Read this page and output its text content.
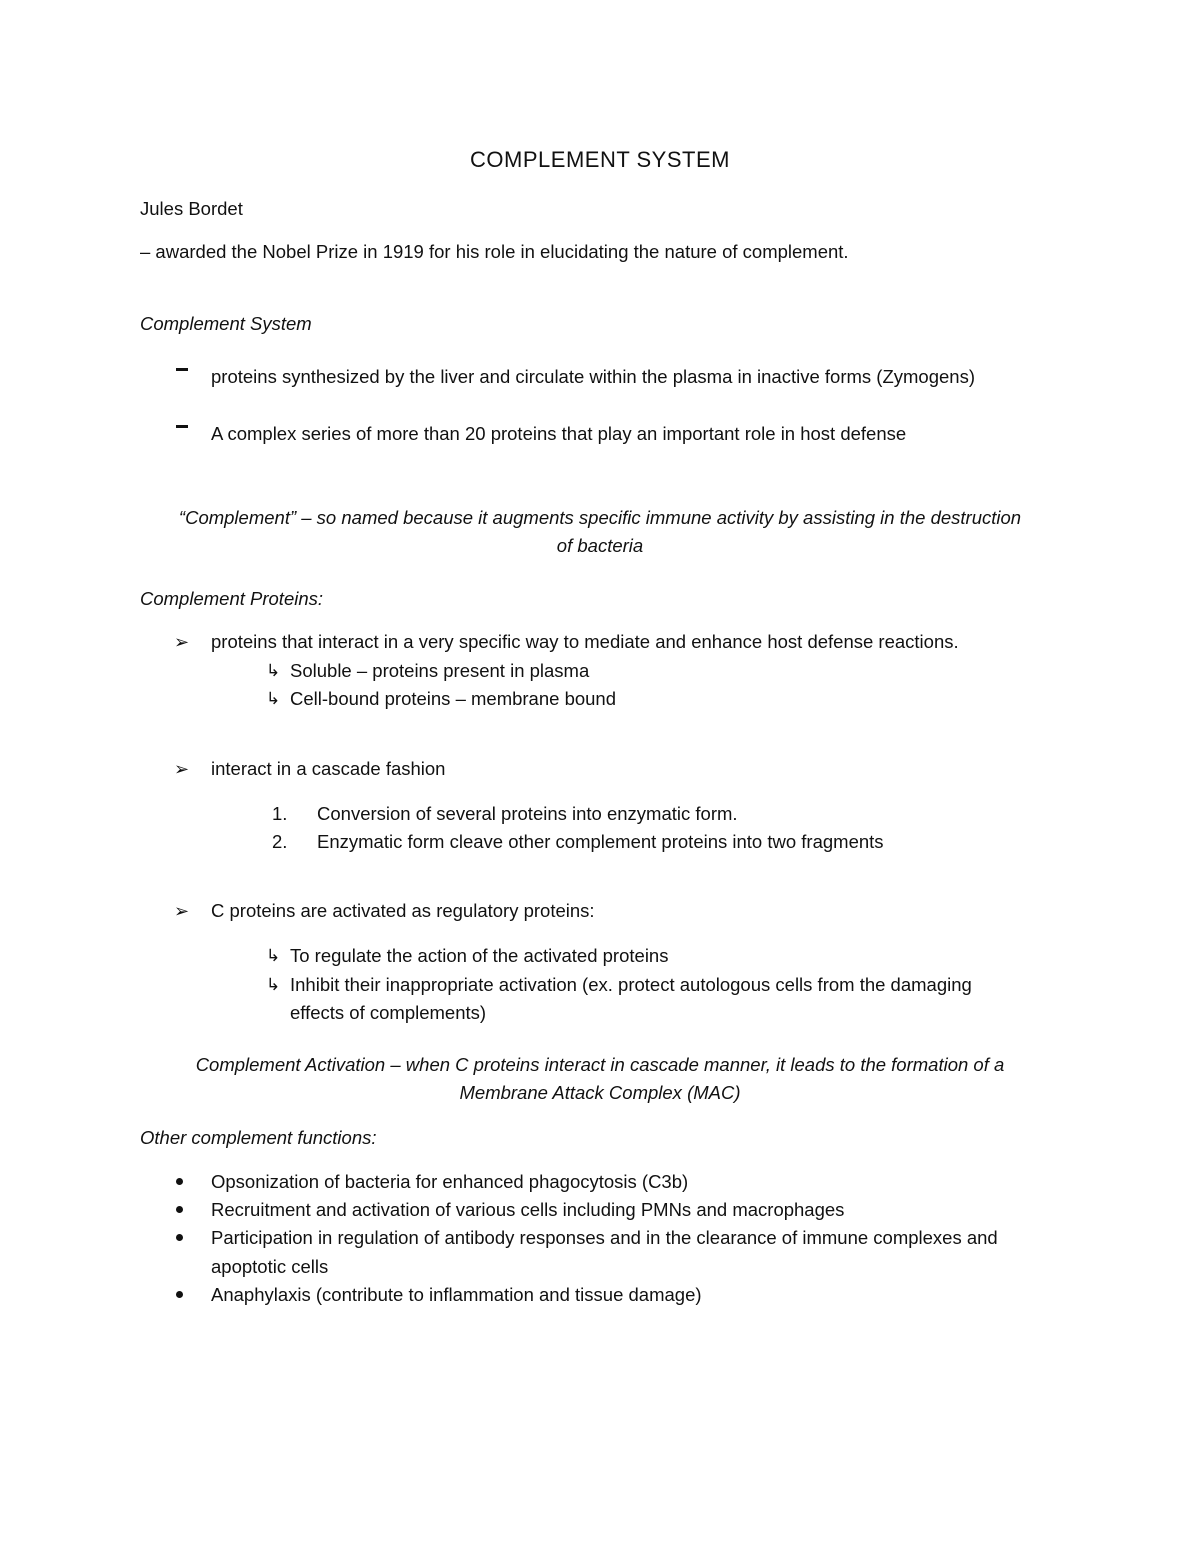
COMPLEMENT SYSTEM
Jules Bordet
– awarded the Nobel Prize in 1919 for his role in elucidating the nature of complement.
Complement System
proteins synthesized by the liver and circulate within the plasma in inactive forms (Zymogens)
A complex series of more than 20 proteins that play an important role in host defense
“Complement” – so named because it augments specific immune activity by assisting in the destruction
of bacteria
Complement Proteins:
➢ proteins that interact in a very specific way to mediate and enhance host defense reactions.
↳ Soluble – proteins present in plasma
↳ Cell-bound proteins – membrane bound
➢ interact in a cascade fashion
1. Conversion of several proteins into enzymatic form.
2. Enzymatic form cleave other complement proteins into two fragments
➢ C proteins are activated as regulatory proteins:
↳ To regulate the action of the activated proteins
↳ Inhibit their inappropriate activation (ex. protect autologous cells from the damaging
effects of complements)
Complement Activation – when C proteins interact in cascade manner, it leads to the formation of a
Membrane Attack Complex (MAC)
Other complement functions:
Opsonization of bacteria for enhanced phagocytosis (C3b)
Recruitment and activation of various cells including PMNs and macrophages
Participation in regulation of antibody responses and in the clearance of immune complexes and
apoptotic cells
Anaphylaxis (contribute to inflammation and tissue damage)
